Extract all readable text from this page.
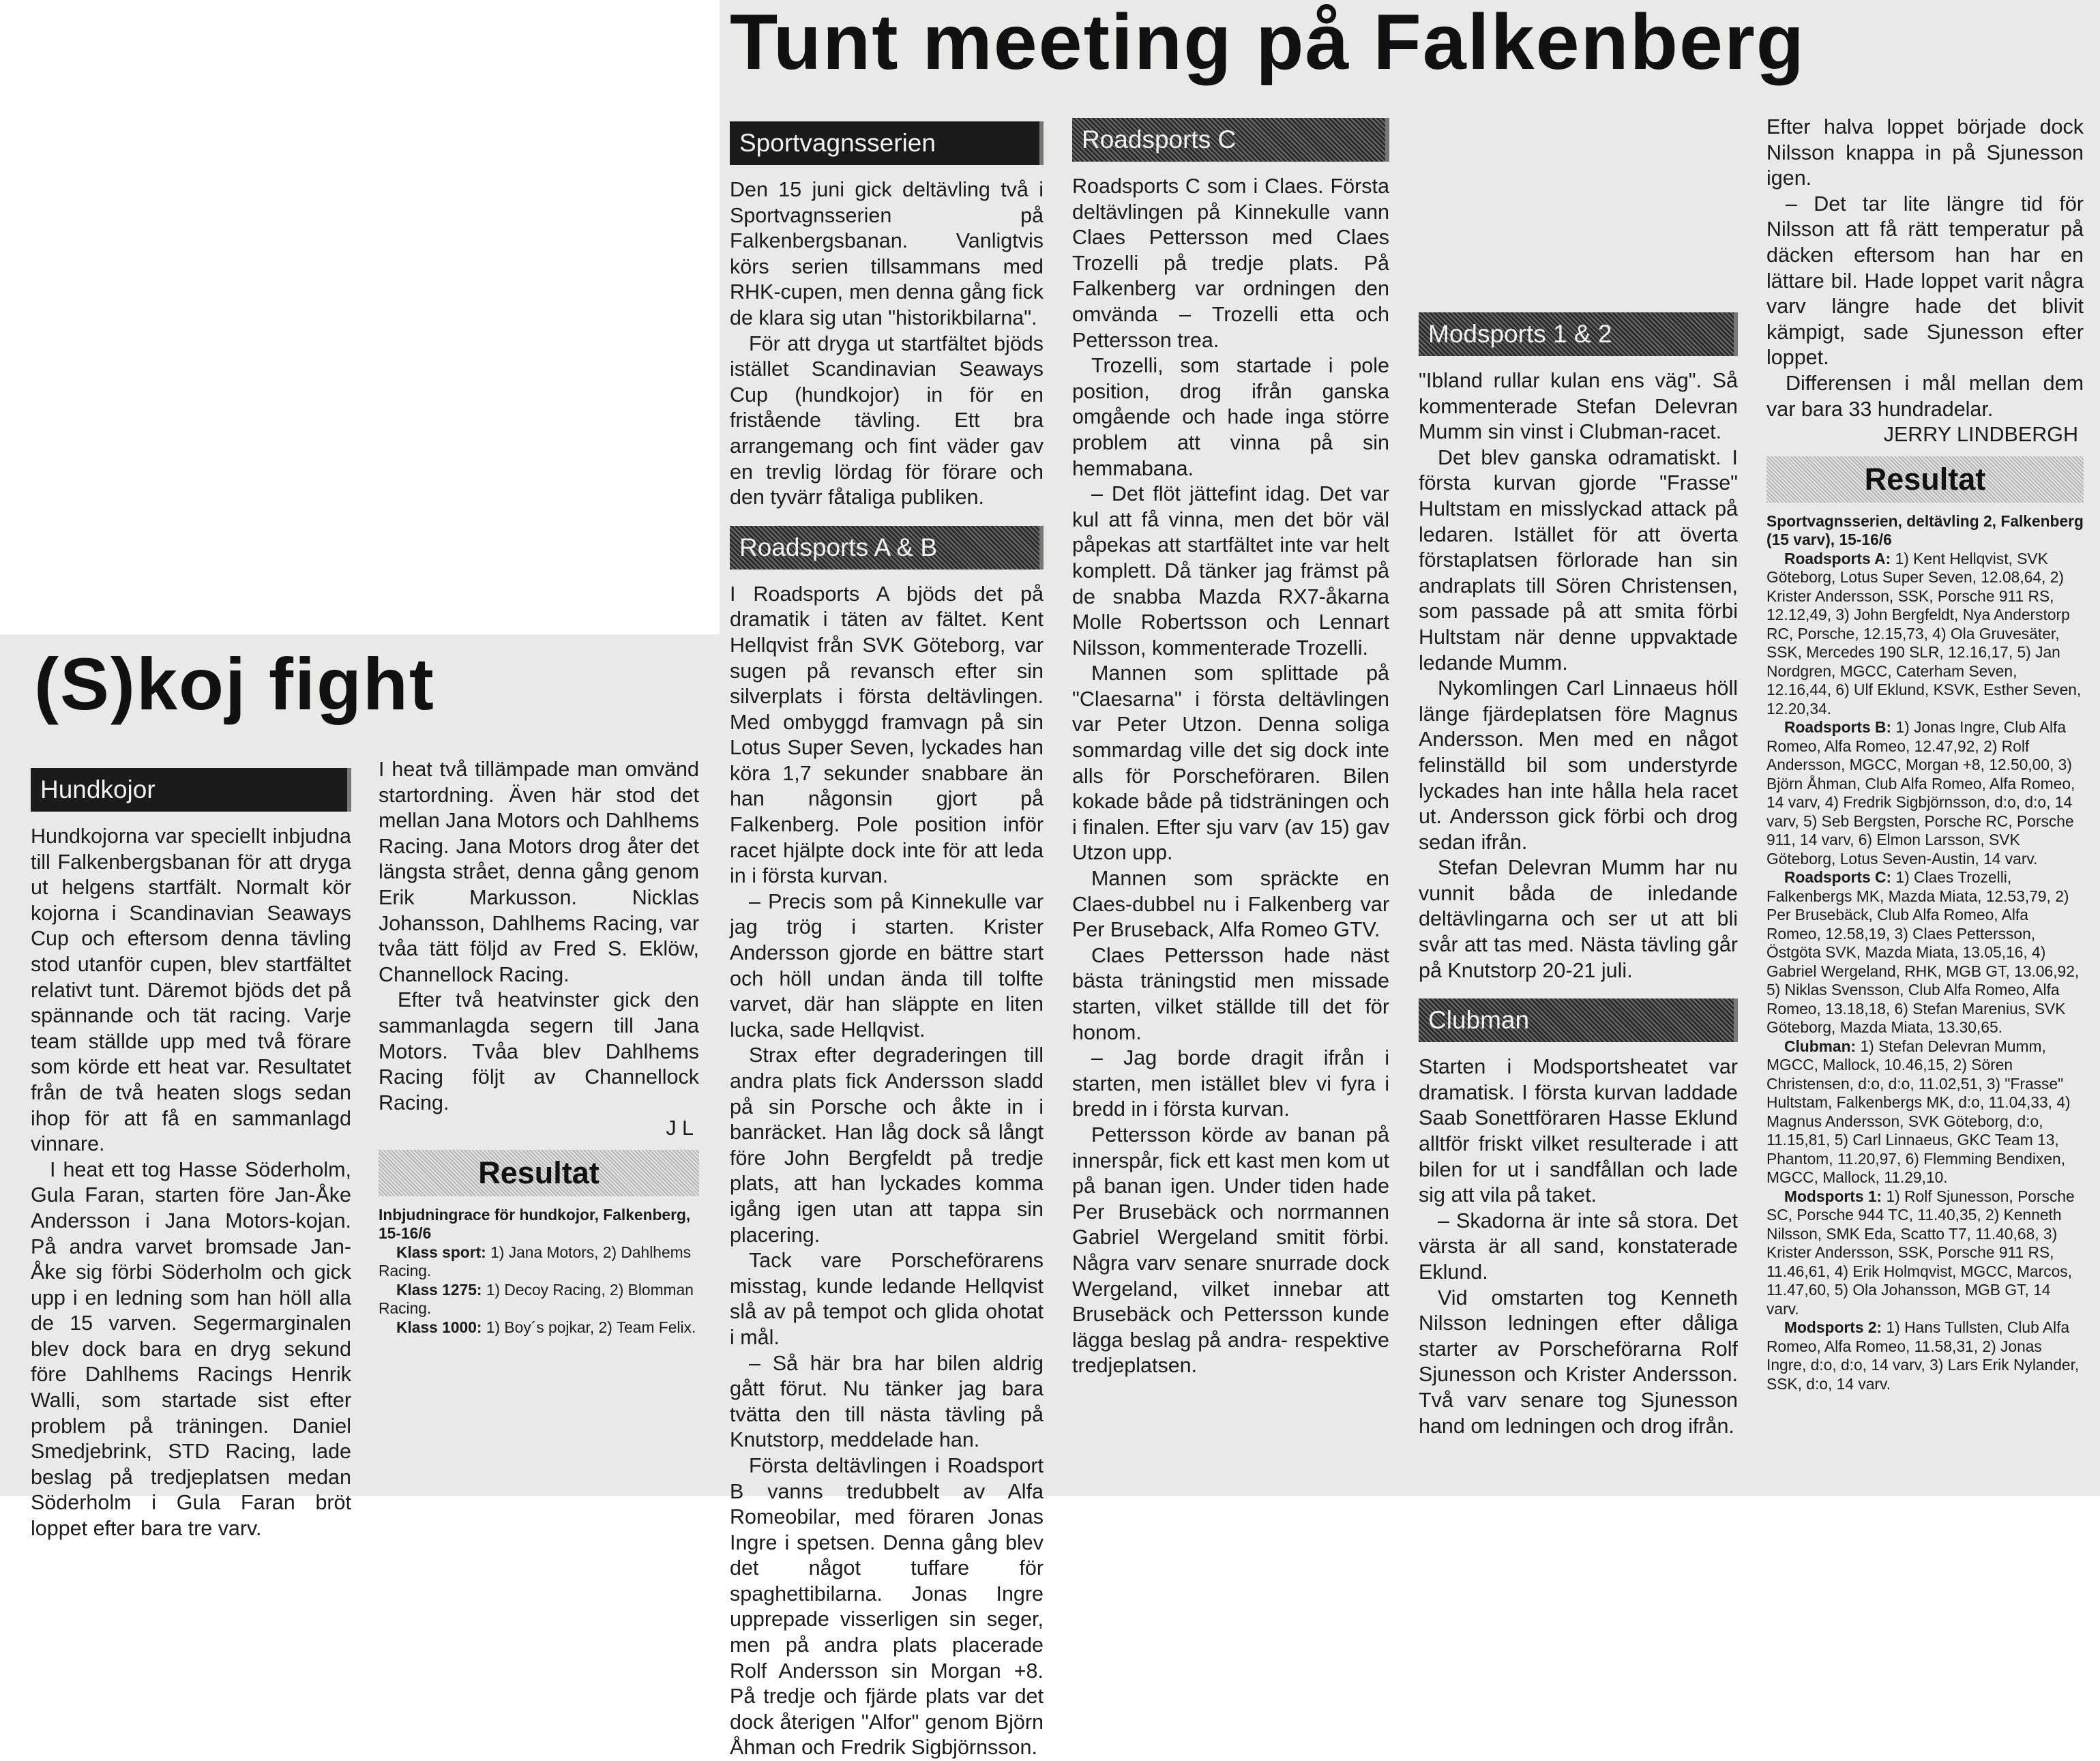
Tunt meeting på Falkenberg
(S)koj fight
Sportvagnsserien

Den 15 juni gick deltävling två i Sportvagnsserien på Falkenbergsbanan. Vanligtvis körs serien tillsammans med RHK-cupen, men denna gång fick de klara sig utan "historikbilarna".

För att dryga ut startfältet bjöds istället Scandinavian Seaways Cup (hundkojor) in för en fristående tävling. Ett bra arrangemang och fint väder gav en trevlig lördag för förare och den tyvärr fåtaliga publiken.

Roadsports A & B

I Roadsports A bjöds det på dramatik i täten av fältet. Kent Hellqvist från SVK Göteborg, var sugen på revansch efter sin silverplats i första deltävlingen. Med ombyggd framvagn på sin Lotus Super Seven, lyckades han köra 1,7 sekunder snabbare än han någonsin gjort på Falkenberg. Pole position inför racet hjälpte dock inte för att leda in i första kurvan.

– Precis som på Kinnekulle var jag trög i starten. Krister Andersson gjorde en bättre start och höll undan ända till tolfte varvet, där han släppte en liten lucka, sade Hellqvist.

Strax efter degraderingen till andra plats fick Andersson sladd på sin Porsche och åkte in i banräcket. Han låg dock så långt före John Bergfeldt på tredje plats, att han lyckades komma igång igen utan att tappa sin placering.

Tack vare Porscheförarens misstag, kunde ledande Hellqvist slå av på tempot och glida ohotat i mål.

– Så här bra har bilen aldrig gått förut. Nu tänker jag bara tvätta den till nästa tävling på Knutstorp, meddelade han.

Första deltävlingen i Roadsport B vanns tredubbelt av Alfa Romeobilar, med föraren Jonas Ingre i spetsen. Denna gång blev det något tuffare för spaghettibilarna. Jonas Ingre upprepade visserligen sin seger, men på andra plats placerade Rolf Andersson sin Morgan +8. På tredje och fjärde plats var det dock återigen "Alfor" genom Björn Åhman och Fredrik Sigbjörnsson.

Roadsports C

Roadsports C som i Claes. Första deltävlingen på Kinnekulle vann Claes Pettersson med Claes Trozelli på tredje plats. På Falkenberg var ordningen den omvända – Trozelli etta och Pettersson trea.

Trozelli, som startade i pole position, drog ifrån ganska omgående och hade inga större problem att vinna på sin hemmabana.

– Det flöt jättefint idag. Det var kul att få vinna, men det bör väl påpekas att startfältet inte var helt komplett. Då tänker jag främst på de snabba Mazda RX7-åkarna Molle Robertsson och Lennart Nilsson, kommenterade Trozelli.

Mannen som splittade på "Claesarna" i första deltävlingen var Peter Utzon. Denna soliga sommardag ville det sig dock inte alls för Porscheföraren. Bilen kokade både på tidsträningen och i finalen. Efter sju varv (av 15) gav Utzon upp.

Mannen som spräckte en Claes-dubbel nu i Falkenberg var Per Bruseback, Alfa Romeo GTV.

Claes Pettersson hade näst bästa träningstid men missade starten, vilket ställde till det för honom.

– Jag borde dragit ifrån i starten, men istället blev vi fyra i bredd in i första kurvan.

Pettersson körde av banan på innerspår, fick ett kast men kom ut på banan igen. Under tiden hade Per Brusebäck och norrmannen Gabriel Wergeland smitit förbi. Några varv senare snurrade dock Wergeland, vilket innebar att Brusebäck och Pettersson kunde lägga beslag på andra- respektive tredjeplatsen.

Modsports 1 & 2

"Ibland rullar kulan ens väg". Så kommenterade Stefan Delevran Mumm sin vinst i Clubman-racet.

Det blev ganska odramatiskt. I första kurvan gjorde "Frasse" Hultstam en misslyckad attack på ledaren. Istället för att överta förstaplatsen förlorade han sin andraplats till Sören Christensen, som passade på att smita förbi Hultstam när denne uppvaktade ledande Mumm.

Nykomlingen Carl Linnaeus höll länge fjärdeplatsen före Magnus Andersson. Men med en något felinställd bil som understyrde lyckades han inte hålla hela racet ut. Andersson gick förbi och drog sedan ifrån.

Stefan Delevran Mumm har nu vunnit båda de inledande deltävlingarna och ser ut att bli svår att tas med. Nästa tävling går på Knutstorp 20-21 juli.

Clubman

Starten i Modsportsheatet var dramatisk. I första kurvan laddade Saab Sonettföraren Hasse Eklund alltför friskt vilket resulterade i att bilen for ut i sandfållan och lade sig att vila på taket.

– Skadorna är inte så stora. Det värsta är all sand, konstaterade Eklund.

Vid omstarten tog Kenneth Nilsson ledningen efter dåliga starter av Porscheförarna Rolf Sjunesson och Krister Andersson. Två varv senare tog Sjunesson hand om ledningen och drog ifrån.

Efter halva loppet började dock Nilsson knappa in på Sjunesson igen.

– Det tar lite längre tid för Nilsson att få rätt temperatur på däcken eftersom han har en lättare bil. Hade loppet varit några varv längre hade det blivit kämpigt, sade Sjunesson efter loppet.

Differensen i mål mellan dem var bara 33 hundradelar.

JERRY LINDBERGH
Resultat
Sportvagnsserien, deltävling 2, Falkenberg (15 varv), 15-16/6
Roadsports A: 1) Kent Hellqvist, SVK Göteborg, Lotus Super Seven, 12.08,64, 2) Krister Andersson, SSK, Porsche 911 RS, 12.12,49, 3) John Bergfeldt, Nya Anderstorp RC, Porsche, 12.15,73, 4) Ola Gruvesäter, SSK, Mercedes 190 SLR, 12.16,17, 5) Jan Nordgren, MGCC, Caterham Seven, 12.16,44, 6) Ulf Eklund, KSVK, Esther Seven, 12.20,34.
Roadsports B: 1) Jonas Ingre, Club Alfa Romeo, Alfa Romeo, 12.47,92, 2) Rolf Andersson, MGCC, Morgan +8, 12.50,00, 3) Björn Åhman, Club Alfa Romeo, Alfa Romeo, 14 varv, 4) Fredrik Sigbjörnsson, d:o, d:o, 14 varv, 5) Seb Bergsten, Porsche RC, Porsche 911, 14 varv, 6) Elmon Larsson, SVK Göteborg, Lotus Seven-Austin, 14 varv.
Roadsports C: 1) Claes Trozelli, Falkenbergs MK, Mazda Miata, 12.53,79, 2) Per Brusebäck, Club Alfa Romeo, Alfa Romeo, 12.58,19, 3) Claes Pettersson, Östgöta SVK, Mazda Miata, 13.05,16, 4) Gabriel Wergeland, RHK, MGB GT, 13.06,92, 5) Niklas Svensson, Club Alfa Romeo, Alfa Romeo, 13.18,18, 6) Stefan Marenius, SVK Göteborg, Mazda Miata, 13.30,65.
Clubman: 1) Stefan Delevran Mumm, MGCC, Mallock, 10.46,15, 2) Sören Christensen, d:o, d:o, 11.02,51, 3) "Frasse" Hultstam, Falkenbergs MK, d:o, 11.04,33, 4) Magnus Andersson, SVK Göteborg, d:o, 11.15,81, 5) Carl Linnaeus, GKC Team 13, Phantom, 11.20,97, 6) Flemming Bendixen, MGCC, Mallock, 11.29,10.
Modsports 1: 1) Rolf Sjunesson, Porsche SC, Porsche 944 TC, 11.40,35, 2) Kenneth Nilsson, SMK Eda, Scatto T7, 11.40,68, 3) Krister Andersson, SSK, Porsche 911 RS, 11.46,61, 4) Erik Holmqvist, MGCC, Marcos, 11.47,60, 5) Ola Johansson, MGB GT, 14 varv.
Modsports 2: 1) Hans Tullsten, Club Alfa Romeo, Alfa Romeo, 11.58,31, 2) Jonas Ingre, d:o, d:o, 14 varv, 3) Lars Erik Nylander, SSK, d:o, 14 varv.
Hundkojor

Hundkojorna var speciellt inbjudna till Falkenbergsbanan för att dryga ut helgens startfält. Normalt kör kojorna i Scandinavian Seaways Cup och eftersom denna tävling stod utanför cupen, blev startfältet relativt tunt. Däremot bjöds det på spännande och tät racing. Varje team ställde upp med två förare som körde ett heat var. Resultatet från de två heaten slogs sedan ihop för att få en sammanlagd vinnare.

I heat ett tog Hasse Söderholm, Gula Faran, starten före Jan-Åke Andersson i Jana Motors-kojan. På andra varvet bromsade Jan-Åke sig förbi Söderholm och gick upp i en ledning som han höll alla de 15 varven. Segermarginalen blev dock bara en dryg sekund före Dahlhems Racings Henrik Walli, som startade sist efter problem på träningen. Daniel Smedjebrink, STD Racing, lade beslag på tredjeplatsen medan Söderholm i Gula Faran bröt loppet efter bara tre varv.

I heat två tillämpade man omvänd startordning. Även här stod det mellan Jana Motors och Dahlhems Racing. Jana Motors drog åter det längsta strået, denna gång genom Erik Markusson. Nicklas Johansson, Dahlhems Racing, var tvåa tätt följd av Fred S. Eklöw, Channellock Racing.

Efter två heatvinster gick den sammanlagda segern till Jana Motors. Tvåa blev Dahlhems Racing följt av Channellock Racing.

J L
Resultat
Inbjudningrace för hundkojor, Falkenberg, 15-16/6
Klass sport: 1) Jana Motors, 2) Dahlhems Racing.
Klass 1275: 1) Decoy Racing, 2) Blomman Racing.
Klass 1000: 1) Boy´s pojkar, 2) Team Felix.
